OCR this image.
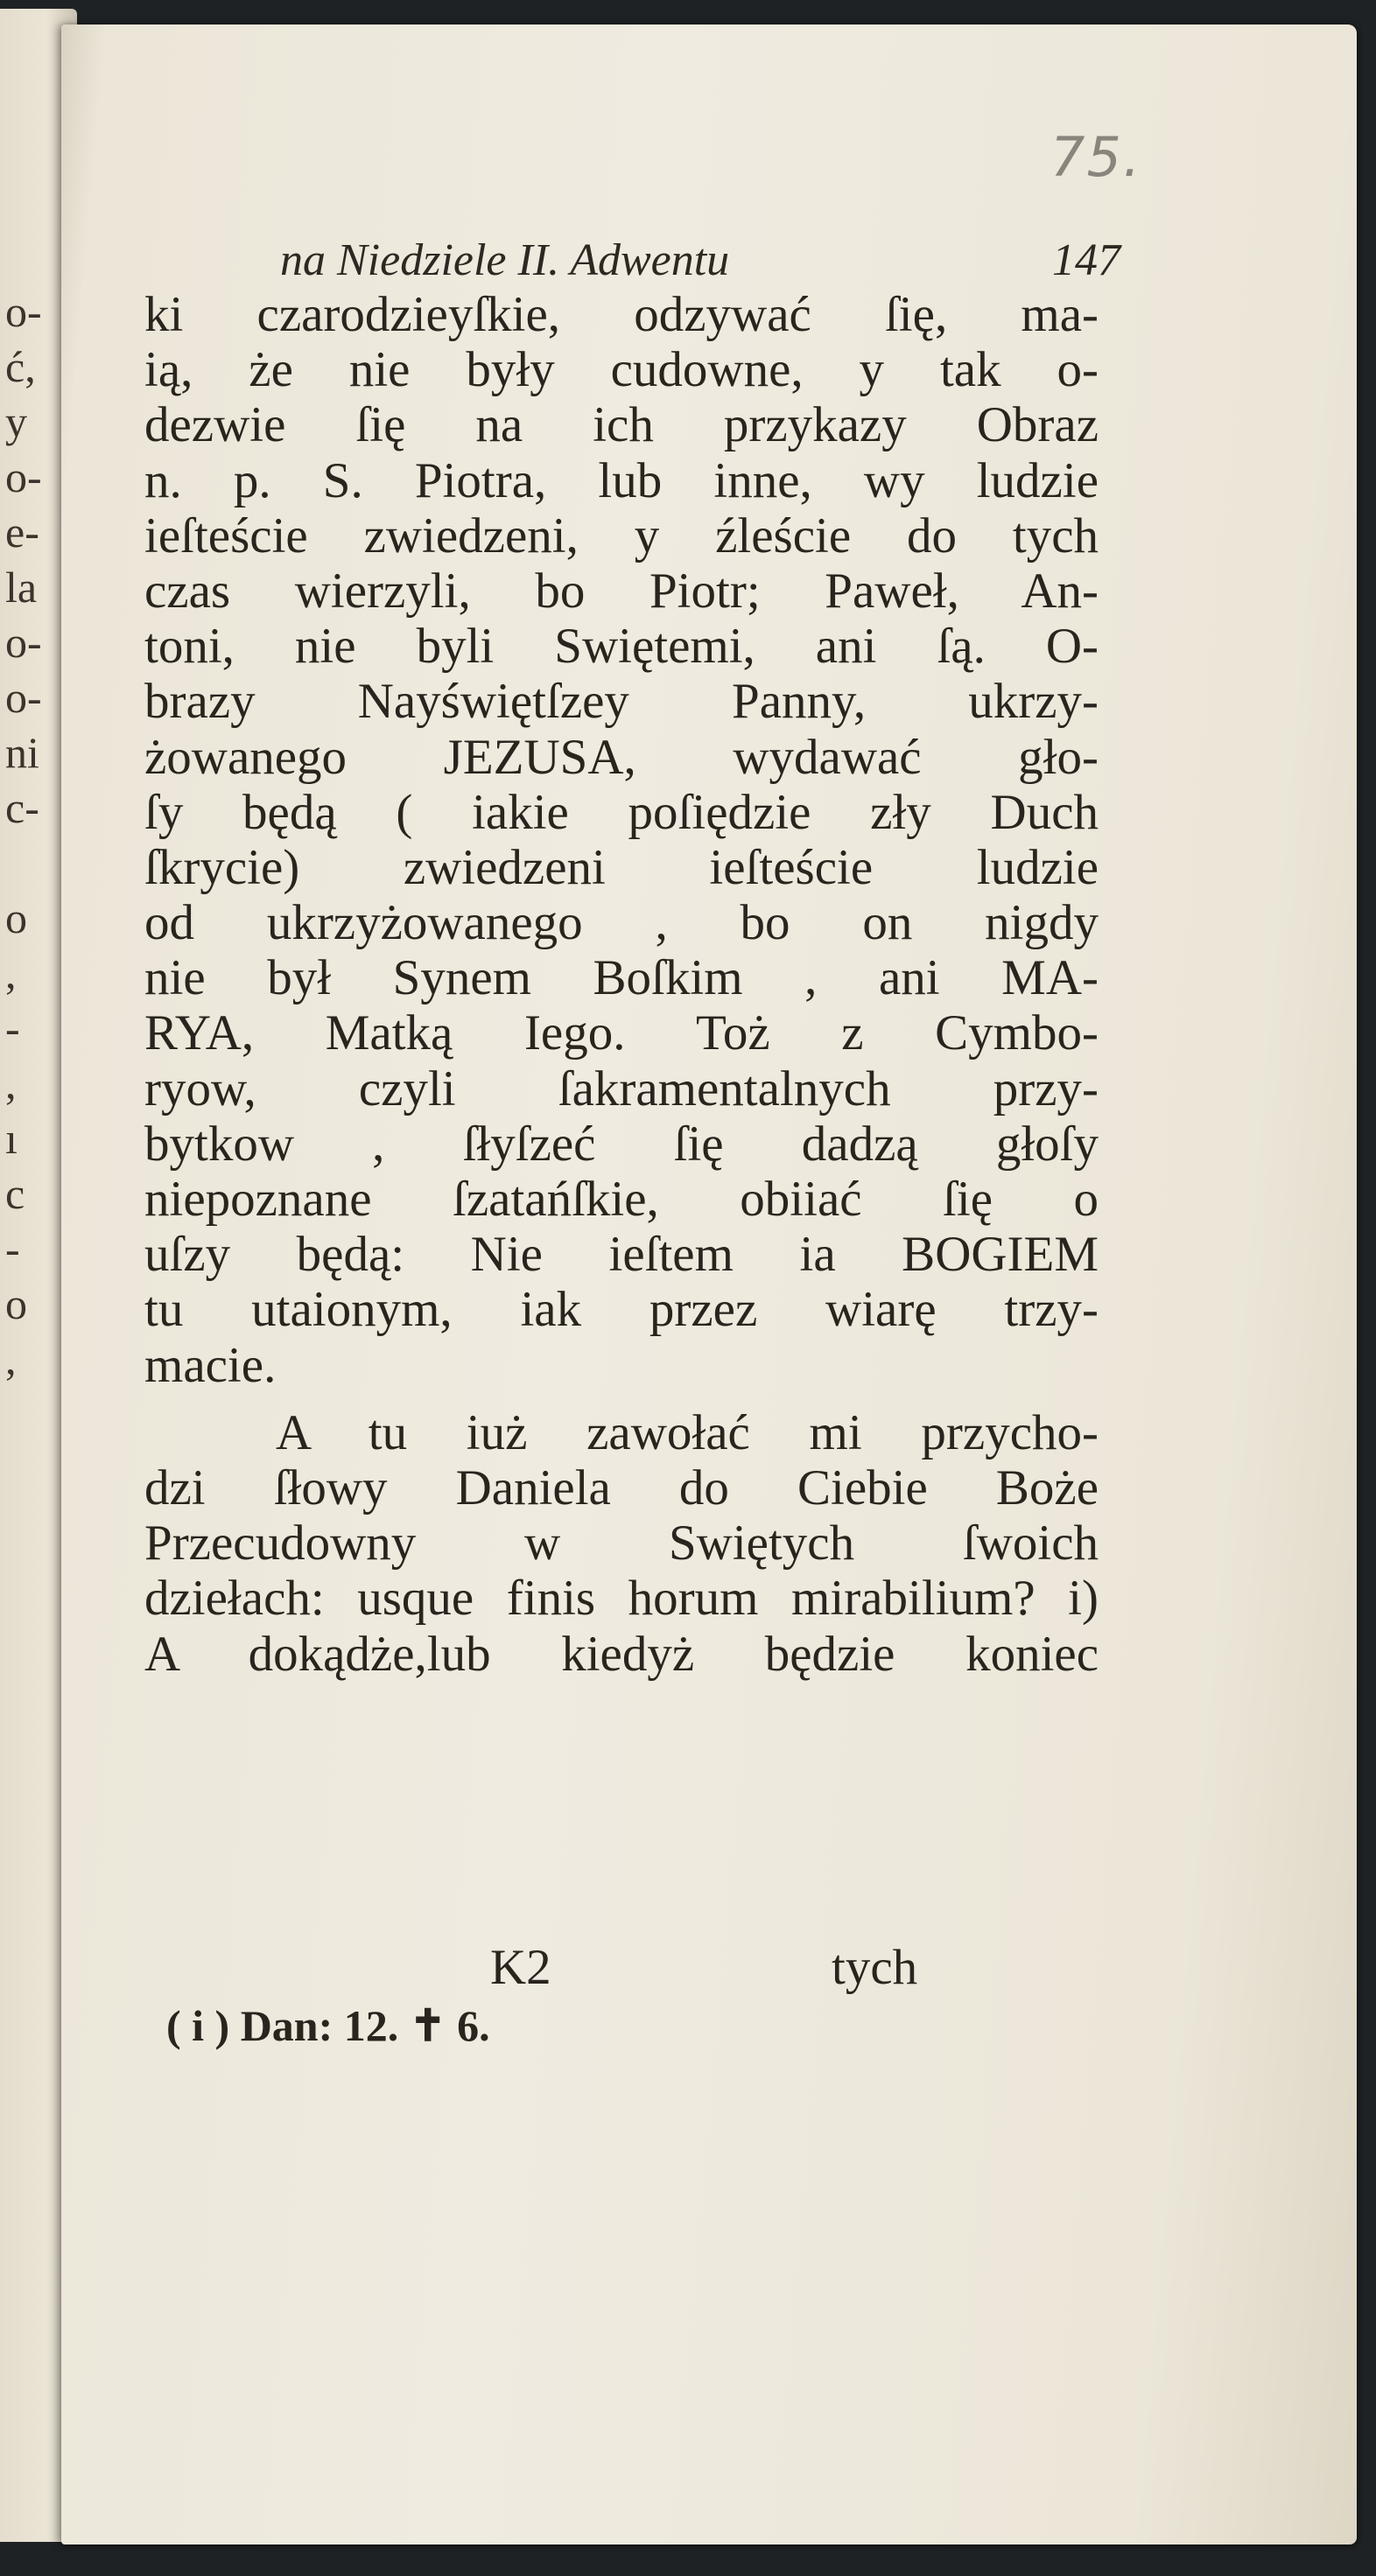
o-
ć,
y
o-
e-
la
o-
o-
ni
c-
o
,
-
,
ı
c
-
o
,
75.
na Niedziele II. Adwentu	147
ki czarodzieyſkie, odzywać ſię, ma-
ią, że nie były cudowne, y tak o-
dezwie ſię na ich przykazy Obraz
n. p. S. Piotra, lub inne, wy ludzie
ieſteście zwiedzeni, y źleście do tych
czas wierzyli, bo Piotr; Paweł, An-
toni, nie byli Swiętemi, ani ſą. O-
brazy Nayświętſzey Panny, ukrzy-
żowanego JEZUSA, wydawać gło-
ſy będą ( iakie poſiędzie zły Duch
ſkrycie) zwiedzeni ieſteście ludzie
od ukrzyżowanego , bo on nigdy
nie był Synem Boſkim , ani MA-
RYA, Matką Iego. Toż z Cymbo-
ryow, czyli ſakramentalnych przy-
bytkow , ſłyſzeć ſię dadzą głoſy
niepoznane ſzatańſkie, obiiać ſię o
uſzy będą: Nie ieſtem ia BOGIEM
tu utaionym, iak przez wiarę trzy-
macie.
A tu iuż zawołać mi przycho-
dzi ſłowy Daniela do Ciebie Boże
Przecudowny w Swiętych ſwoich
dziełach: usque finis horum mirabilium? i)
A dokądże,lub kiedyż będzie koniec
K2	tych
( i ) Dan: 12. ✝ 6.
